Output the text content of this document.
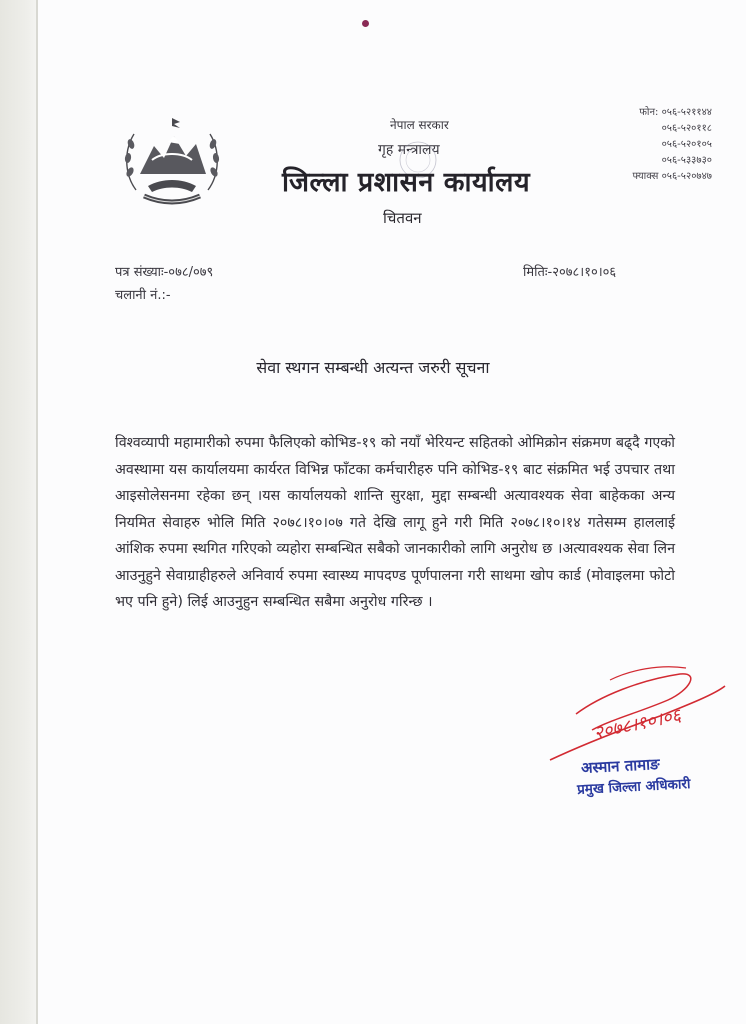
नेपाल सरकार
गृह मन्त्रालय
जिल्ला प्रशासन कार्यालय
चितवन
फोन: ०५६-५२११४४
०५६-५२०११८
०५६-५२०१०५
०५६-५३३७३०
फ्याक्स ०५६-५२०७४७
पत्र संख्याः-०७८/०७९
चलानी नं.:-
मितिः-२०७८।१०।०६
सेवा स्थगन सम्बन्धी अत्यन्त जरुरी सूचना
विश्वव्यापी महामारीको रुपमा फैलिएको कोभिड-१९ को नयाँ भेरियन्ट सहितको ओमिक्रोन संक्रमण बढ्दै गएको अवस्थामा यस कार्यालयमा कार्यरत विभिन्न फाँटका कर्मचारीहरु पनि कोभिड-१९ बाट संक्रमित भई उपचार तथा आइसोलेसनमा रहेका छन् ।यस कार्यालयको शान्ति सुरक्षा, मुद्दा सम्बन्धी अत्यावश्यक सेवा बाहेकका अन्य नियमित सेवाहरु भोलि मिति २०७८।१०।०७ गते देखि लागू हुने गरी मिति २०७८।१०।१४ गतेसम्म हाललाई आंशिक रुपमा स्थगित गरिएको व्यहोरा सम्बन्धित सबैको जानकारीको लागि अनुरोध छ ।अत्यावश्यक सेवा लिन आउनुहुने सेवाग्राहीहरुले अनिवार्य रुपमा स्वास्थ्य मापदण्ड पूर्णपालना गरी साथमा खोप कार्ड (मोवाइलमा फोटो भए पनि हुने) लिई आउनुहुन सम्बन्धित सबैमा अनुरोध गरिन्छ ।
२०७८।१०।०६
अस्मान तामाङ
प्रमुख जिल्ला अधिकारी
